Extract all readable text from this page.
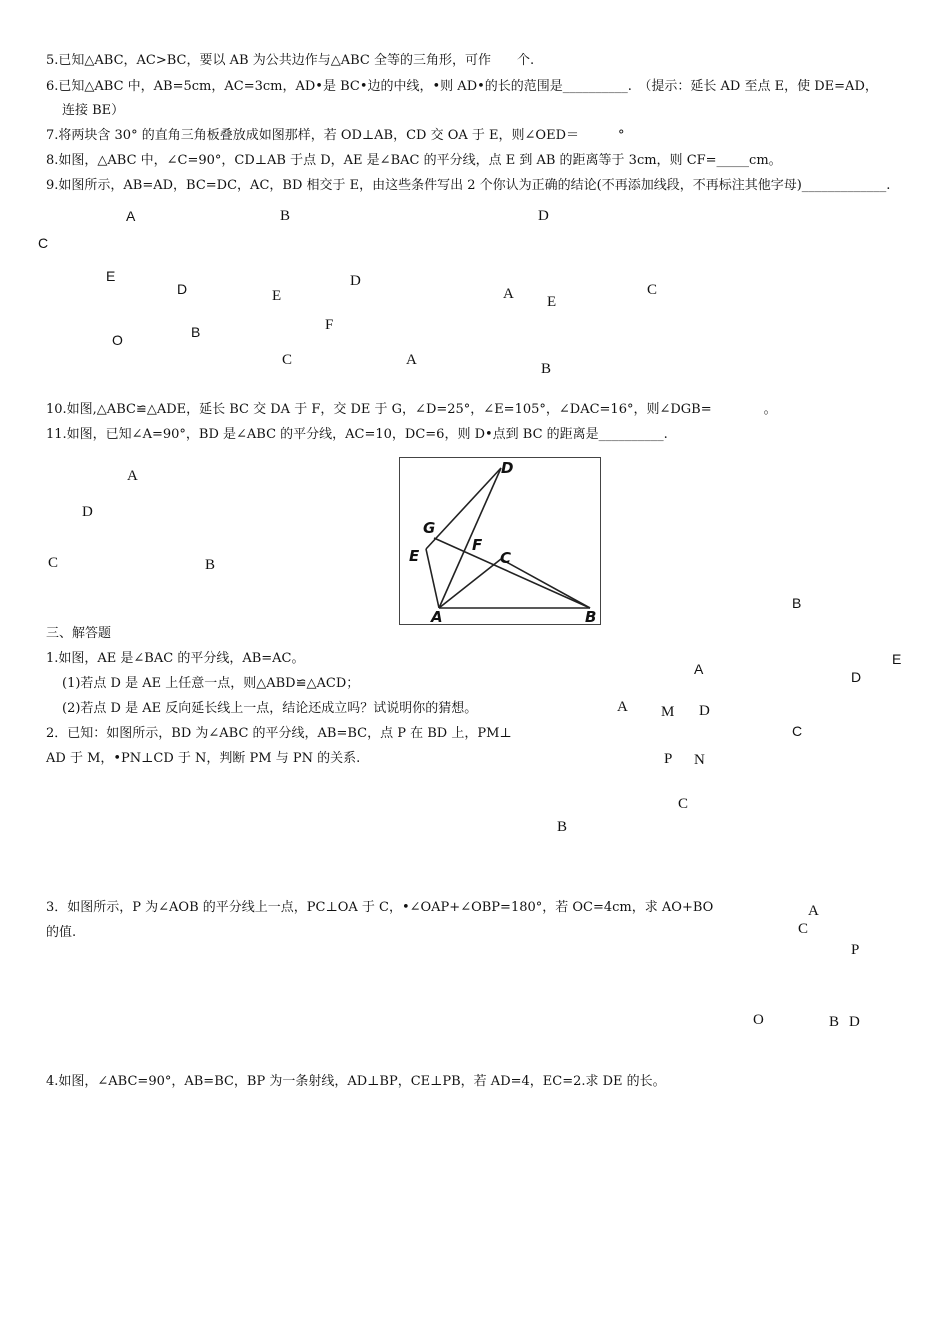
5.已知△ABC，AC>BC，要以 AB 为公共边作与△ABC 全等的三角形，可作　　个.
6.已知△ABC 中，AB=5cm，AC=3cm，AD•是 BC•边的中线，•则 AD•的长的范围是__________.　（提示：延长 AD 至点 E，使 DE=AD，
连接 BE）
7.将两块含 30° 的直角三角板叠放成如图那样，若 OD⊥AB，CD 交 OA 于 E，则∠OED＝　　　°
8.如图，△ABC 中，∠C=90°，CD⊥AB 于点 D，AE 是∠BAC 的平分线，点 E 到 AB 的距离等于 3cm，则 CF=_____cm。
9.如图所示，AB=AD，BC=DC，AC，BD 相交于 E，由这些条件写出 2 个你认为正确的结论(不再添加线段，不再标注其他字母)_____________.
A
C
E
D
O	B
B
D
E
F
C	A
D
A E
C
B
10.如图,△ABC≌△ADE，延长 BC 交 DA 于 F，交 DE 于 G，∠D=25°，∠E=105°，∠DAC=16°，则∠DGB=　　　　。
11.如图，已知∠A=90°，BD 是∠ABC 的平分线，AC=10，DC=6，则 D•点到 BC 的距离是__________.
A
D
C	B
D
G
E
F
C
A	B
三、解答题
1.如图，AE 是∠BAC 的平分线，AB=AC。
(1)若点 D 是 AE 上任意一点，则△ABD≌△ACD；
(2)若点 D 是 AE 反向延长线上一点，结论还成立吗？试说明你的猜想。
2．已知：如图所示，BD 为∠ABC 的平分线，AB=BC，点 P 在 BD 上，PM⊥
AD 于 M，•PN⊥CD 于 N，判断 PM 与 PN 的关系.
B
E
A	D
C
A M D
P N
C
B
3．如图所示，P 为∠AOB 的平分线上一点，PC⊥OA 于 C，•∠OAP+∠OBP=180°，若 OC=4cm，求 AO+BO
的值.
A
C
P
O	B D
4.如图，∠ABC=90°，AB=BC，BP 为一条射线，AD⊥BP，CE⊥PB，若 AD=4，EC=2.求 DE 的长。
